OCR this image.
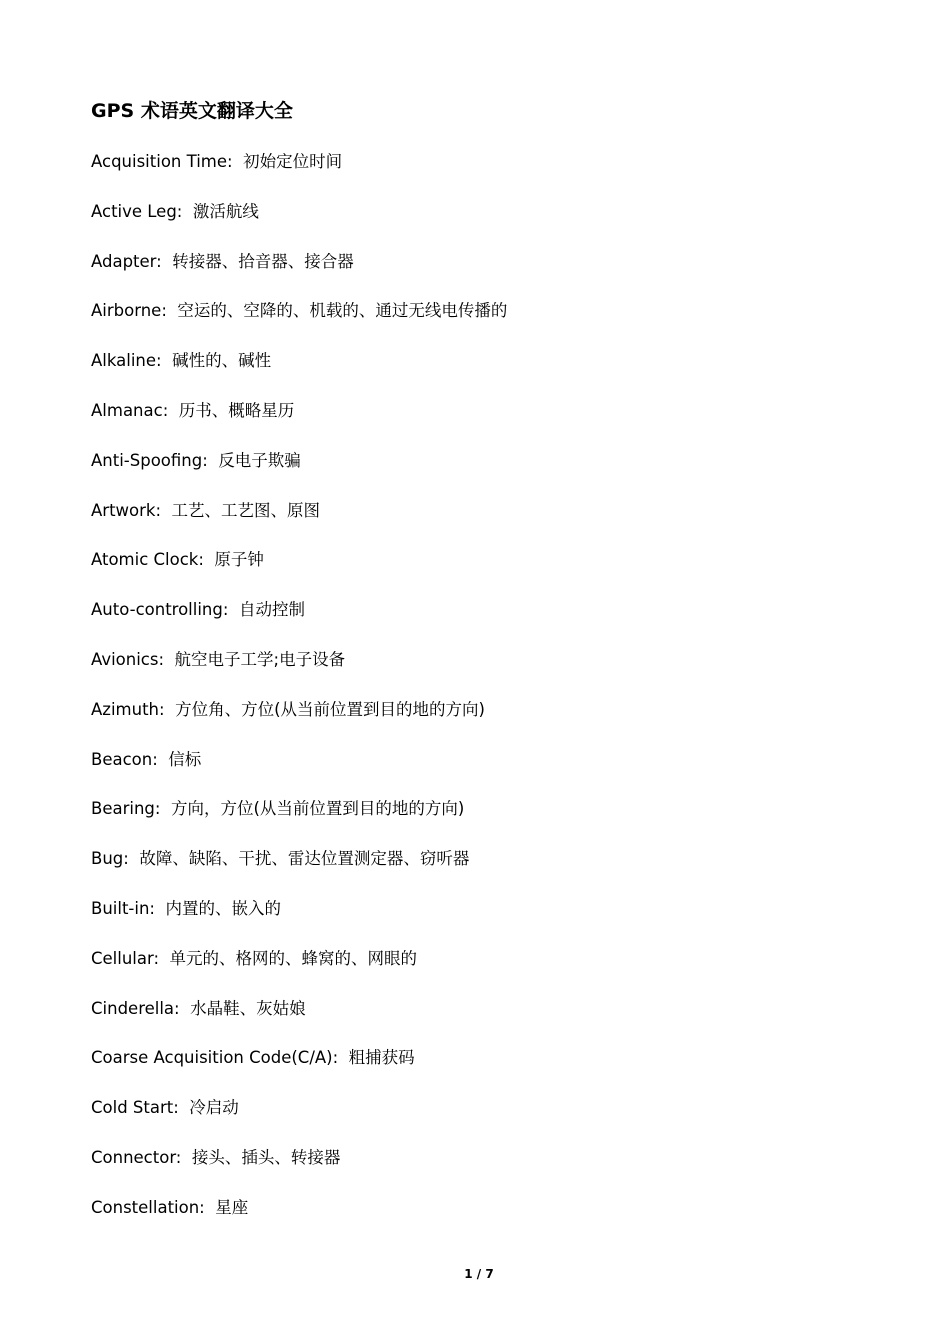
GPS 术语英文翻译大全
Acquisition Time: 初始定位时间
Active Leg: 激活航线
Adapter: 转接器、拾音器、接合器
Airborne: 空运的、空降的、机载的、通过无线电传播的
Alkaline: 碱性的、碱性
Almanac: 历书、概略星历
Anti-Spoofing: 反电子欺骗
Artwork: 工艺、工艺图、原图
Atomic Clock: 原子钟
Auto-controlling: 自动控制
Avionics: 航空电子工学;电子设备
Azimuth: 方位角、方位(从当前位置到目的地的方向)
Beacon: 信标
Bearing: 方向，方位(从当前位置到目的地的方向)
Bug: 故障、缺陷、干扰、雷达位置测定器、窃听器
Built-in: 内置的、嵌入的
Cellular: 单元的、格网的、蜂窝的、网眼的
Cinderella: 水晶鞋、灰姑娘
Coarse Acquisition Code(C/A): 粗捕获码
Cold Start: 冷启动
Connector: 接头、插头、转接器
Constellation: 星座
1 / 7
